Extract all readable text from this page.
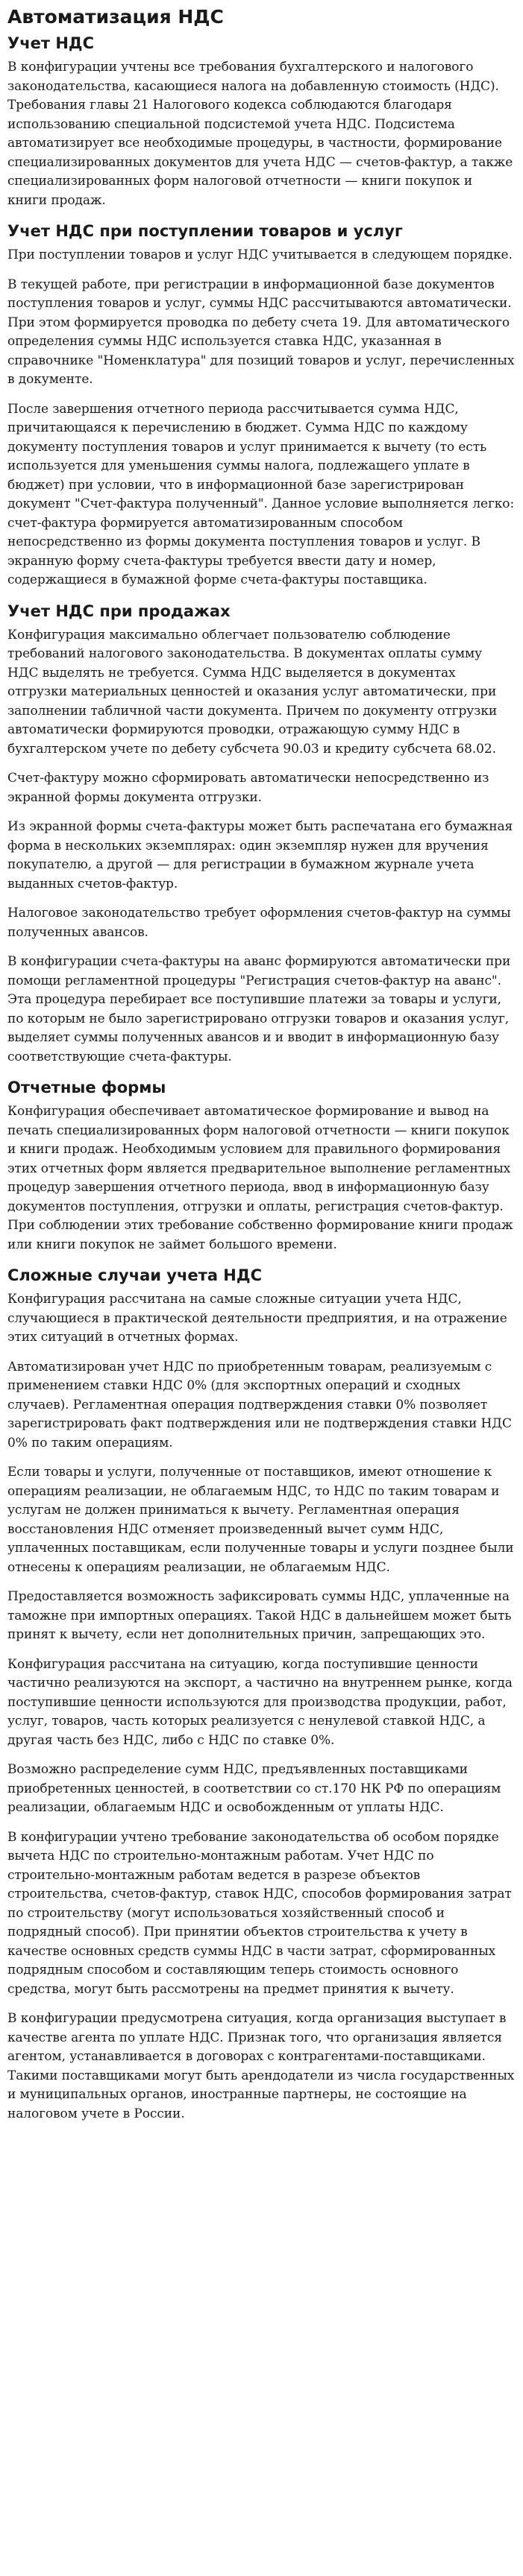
Автоматизация НДС
Учет НДС

В конфигурации учтены все требования бухгалтерского и налогового законодательства, касающиеся налога на добавленную стоимость (НДС). Требования главы 21 Налогового кодекса соблюдаются благодаря использованию специальной подсистемой учета НДС. Подсистема автоматизирует все необходимые процедуры, в частности, формирование специализированных документов для учета НДС — счетов-фактур, а также специализированных форм налоговой отчетности — книги покупок и книги продаж.

Учет НДС при поступлении товаров и услуг

При поступлении товаров и услуг НДС учитывается в следующем порядке.

В текущей работе, при регистрации в информационной базе документов поступления товаров и услуг, суммы НДС рассчитываются автоматически. При этом формируется проводка по дебету счета 19. Для автоматического определения суммы НДС используется ставка НДС, указанная в справочнике "Номенклатура" для позиций товаров и услуг, перечисленных в документе.

После завершения отчетного периода рассчитывается сумма НДС, причитающаяся к перечислению в бюджет. Сумма НДС по каждому документу поступления товаров и услуг принимается к вычету (то есть используется для уменьшения суммы налога, подлежащего уплате в бюджет) при условии, что в информационной базе зарегистрирован документ "Счет-фактура полученный". Данное условие выполняется легко: счет-фактура формируется автоматизированным способом непосредственно из формы документа поступления товаров и услуг. В экранную форму счета-фактуры требуется ввести дату и номер, содержащиеся в бумажной форме счета-фактуры поставщика.

Учет НДС при продажах

Конфигурация максимально облегчает пользователю соблюдение требований налогового законодательства. В документах оплаты сумму НДС выделять не требуется. Сумма НДС выделяется в документах отгрузки материальных ценностей и оказания услуг автоматически, при заполнении табличной части документа. Причем по документу отгрузки автоматически формируются проводки, отражающую сумму НДС в бухгалтерском учете по дебету субсчета 90.03 и кредиту субсчета 68.02.

Счет-фактуру можно сформировать автоматически непосредственно из экранной формы документа отгрузки.

Из экранной формы счета-фактуры может быть распечатана его бумажная форма в нескольких экземплярах: один экземпляр нужен для вручения покупателю, а другой — для регистрации в бумажном журнале учета выданных счетов-фактур.

Налоговое законодательство требует оформления счетов-фактур на суммы полученных авансов.

В конфигурации счета-фактуры на аванс формируются автоматически при помощи регламентной процедуры "Регистрация счетов-фактур на аванс". Эта процедура перебирает все поступившие платежи за товары и услуги, по которым не было зарегистрировано отгрузки товаров и оказания услуг, выделяет суммы полученных авансов и и вводит в информационную базу соответствующие счета-фактуры.

Отчетные формы

Конфигурация обеспечивает автоматическое формирование и вывод на печать специализированных форм налоговой отчетности — книги покупок и книги продаж. Необходимым условием для правильного формирования этих отчетных форм является предварительное выполнение регламентных процедур завершения отчетного периода, ввод в информационную базу документов поступления, отгрузки и оплаты, регистрация счетов-фактур. При соблюдении этих требование собственно формирование книги продаж или книги покупок не займет большого времени.

Сложные случаи учета НДС

Конфигурация рассчитана на самые сложные ситуации учета НДС, случающиеся в практической деятельности предприятия, и на отражение этих ситуаций в отчетных формах.

Автоматизирован учет НДС по приобретенным товарам, реализуемым с применением ставки НДС 0% (для экспортных операций и сходных случаев). Регламентная операция подтверждения ставки 0% позволяет зарегистрировать факт подтверждения или не подтверждения ставки НДС 0% по таким операциям.

Если товары и услуги, полученные от поставщиков, имеют отношение к операциям реализации, не облагаемым НДС, то НДС по таким товарам и услугам не должен приниматься к вычету. Регламентная операция восстановления НДС отменяет произведенный вычет сумм НДС, уплаченных поставщикам, если полученные товары и услуги позднее были отнесены к операциям реализации, не облагаемым НДС.

Предоставляется возможность зафиксировать суммы НДС, уплаченные на таможне при импортных операциях. Такой НДС в дальнейшем может быть принят к вычету, если нет дополнительных причин, запрещающих это.

Конфигурация рассчитана на ситуацию, когда поступившие ценности частично реализуются на экспорт, а частично на внутреннем рынке, когда поступившие ценности используются для производства продукции, работ, услуг, товаров, часть которых реализуется с ненулевой ставкой НДС, а другая часть без НДС, либо с НДС по ставке 0%.

Возможно распределение сумм НДС, предъявленных поставщиками приобретенных ценностей, в соответствии со ст.170 НК РФ по операциям реализации, облагаемым НДС и освобожденным от уплаты НДС.

В конфигурации учтено требование законодательства об особом порядке вычета НДС по строительно-монтажным работам. Учет НДС по строительно-монтажным работам ведется в разрезе объектов строительства, счетов-фактур, ставок НДС, способов формирования затрат по строительству (могут использоваться хозяйственный способ и подрядный способ). При принятии объектов строительства к учету в качестве основных средств суммы НДС в части затрат, сформированных подрядным способом и составляющим теперь стоимость основного средства, могут быть рассмотрены на предмет принятия к вычету.

В конфигурации предусмотрена ситуация, когда организация выступает в качестве агента по уплате НДС. Признак того, что организация является агентом, устанавливается в договорах с контрагентами-поставщиками. Такими поставщиками могут быть арендодатели из числа государственных и муниципальных органов, иностранные партнеры, не состоящие на налоговом учете в России.
